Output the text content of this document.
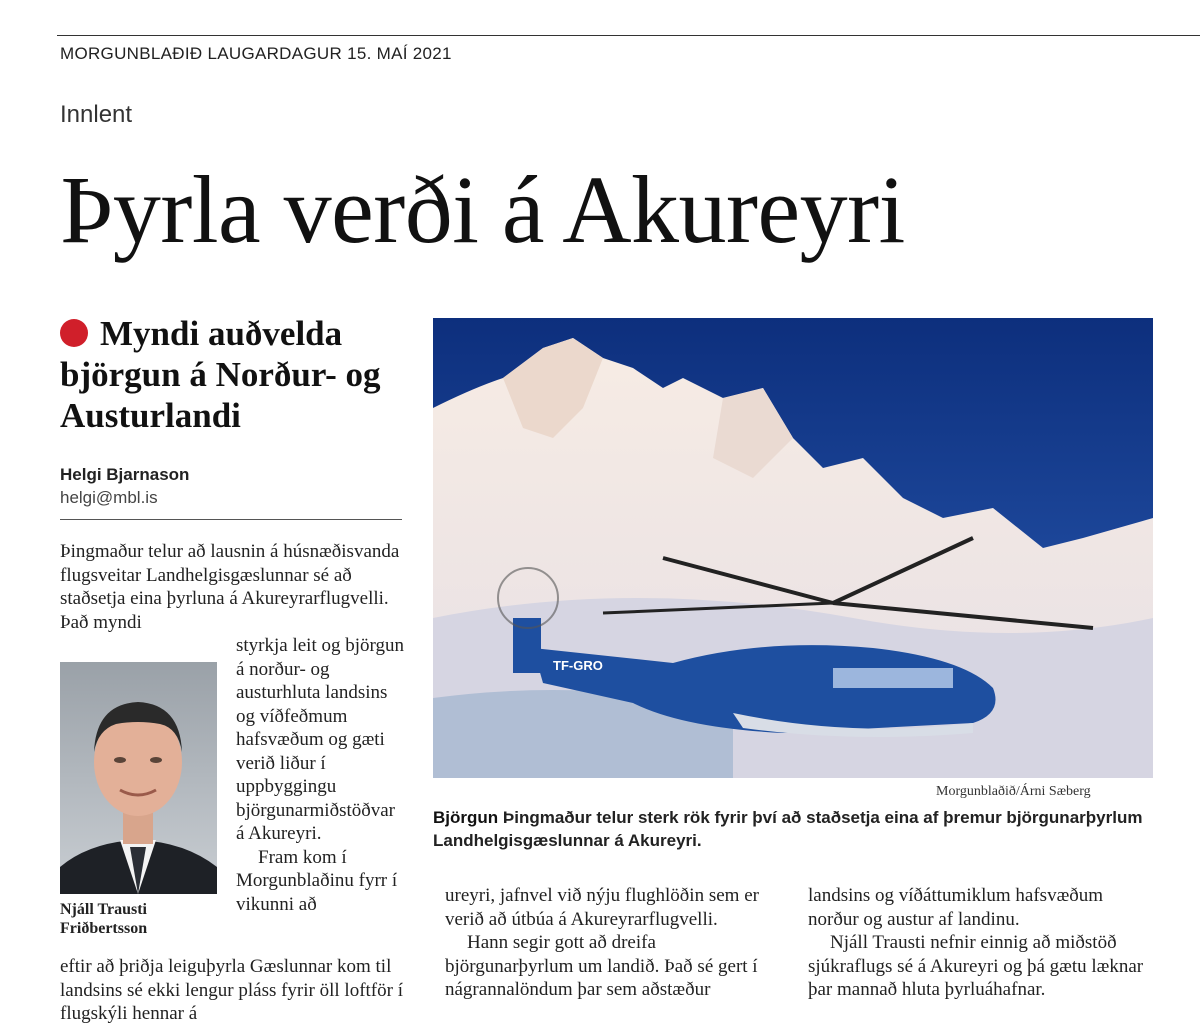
MORGUNBLAÐIÐ LAUGARDAGUR 15. MAÍ 2021
Innlent
Þyrla verði á Akureyri
Myndi auðvelda björgun á Norður- og Austurlandi
Helgi Bjarnason
helgi@mbl.is

Þingmaður telur að lausnin á húsnæðisvanda flugsveitar Landhelgisgæslunnar sé að staðsetja eina þyrluna á Akureyrarflugvelli. Það myndi

Njáll Trausti
Friðbertsson

styrkja leit og björgun á norður- og austurhluta landsins og víðfeðmum hafsvæðum og gæti verið liður í uppbyggingu björgunarmiðstöðvar á Akureyri.

Fram kom í Morgunblaðinu fyrr í vikunni að

eftir að þriðja leiguþyrla Gæslunnar kom til landsins sé ekki lengur pláss fyrir öll loftför í flugskýli hennar á

TF-GRO
Morgunblaðið/Árni Sæberg
Björgun Þingmaður telur sterk rök fyrir því að staðsetja eina af þremur björgunarþyrlum Landhelgisgæslunnar á Akureyri.

ureyri, jafnvel við nýju flughlöðin sem er verið að útbúa á Akureyrarflugvelli.

Hann segir gott að dreifa björgunarþyrlum um landið. Það sé gert í nágrannalöndum þar sem aðstæður

landsins og víðáttumiklum hafsvæðum norður og austur af landinu.

Njáll Trausti nefnir einnig að miðstöð sjúkraflugs sé á Akureyri og þá gætu læknar þar mannað hluta þyrluáhafnar.
